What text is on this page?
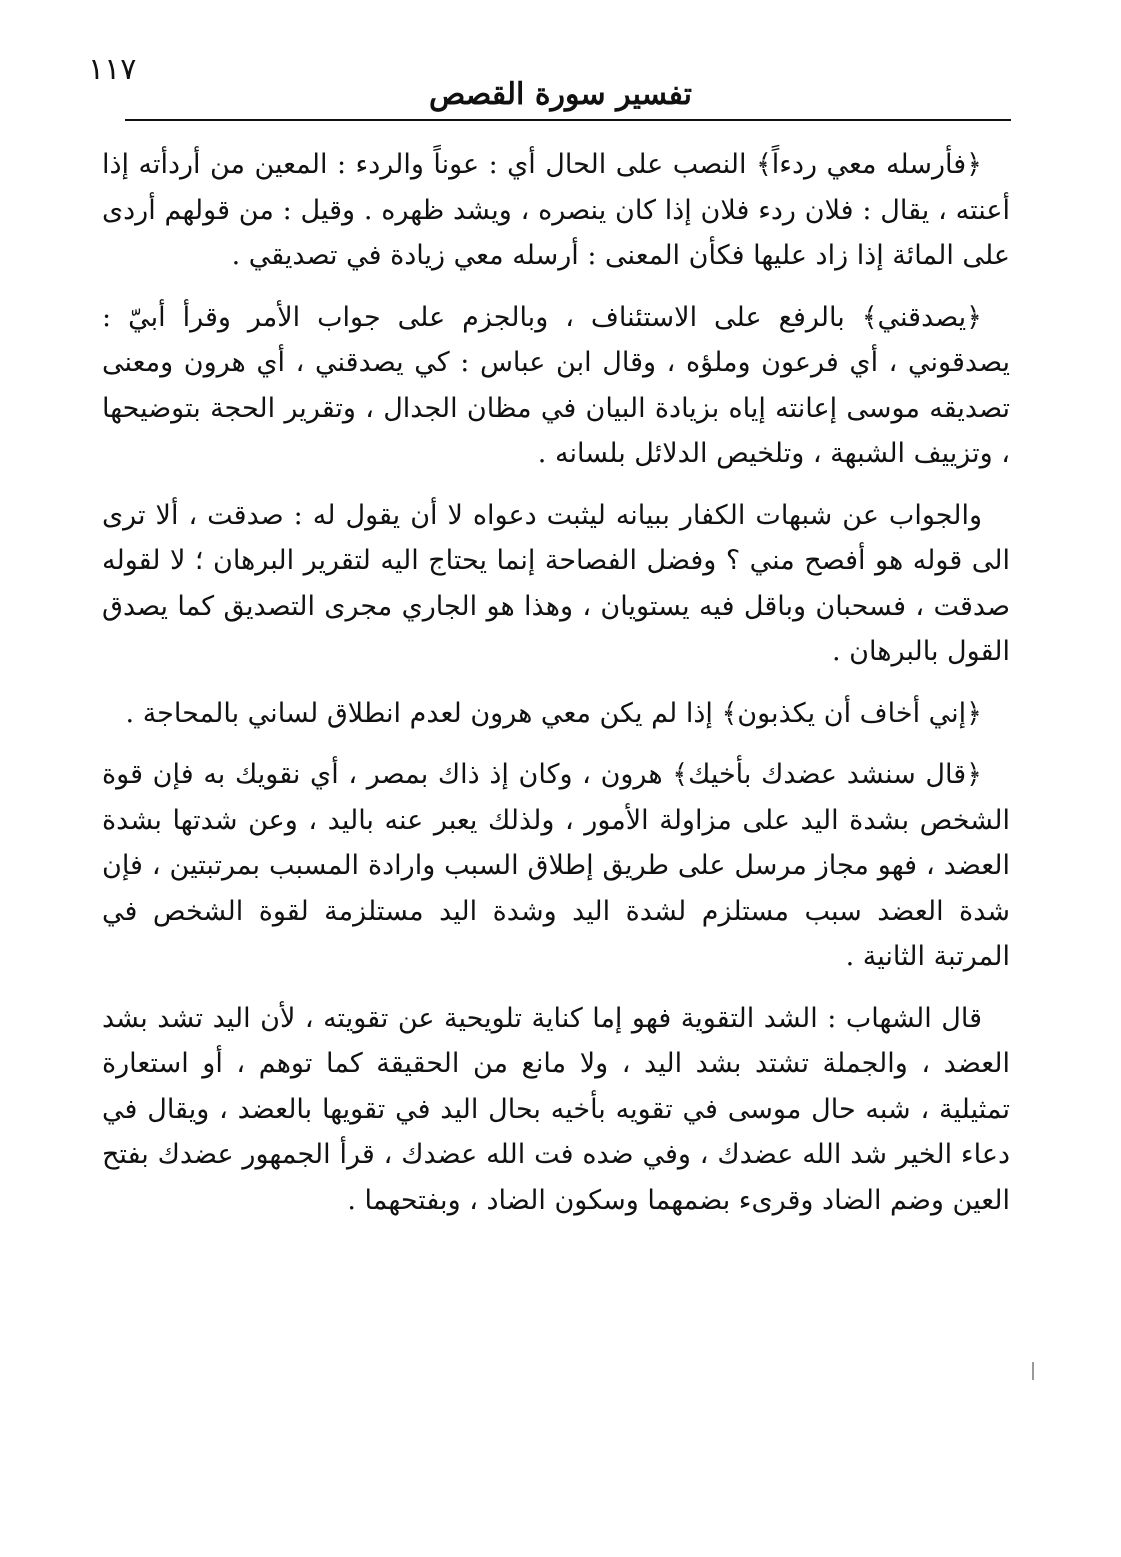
١١٧
تفسير سورة القصص

﴿فأرسله معي ردءاً﴾ النصب على الحال أي : عوناً والردء : المعين من أردأته إذا أعنته ، يقال : فلان ردء فلان إذا كان ينصره ، ويشد ظهره . وقيل : من قولهم أردى على المائة إذا زاد عليها فكأن المعنى : أرسله معي زيادة في تصديقي .

﴿يصدقني﴾ بالرفع على الاستئناف ، وبالجزم على جواب الأمر وقرأ أبيّ : يصدقوني ، أي فرعون وملؤه ، وقال ابن عباس : كي يصدقني ، أي هرون ومعنى تصديقه موسى إعانته إياه بزيادة البيان في مظان الجدال ، وتقرير الحجة بتوضيحها ، وتزييف الشبهة ، وتلخيص الدلائل بلسانه .

والجواب عن شبهات الكفار ببيانه ليثبت دعواه لا أن يقول له : صدقت ، ألا ترى الى قوله هو أفصح مني ؟ وفضل الفصاحة إنما يحتاج اليه لتقرير البرهان ؛ لا لقوله صدقت ، فسحبان وباقل فيه يستويان ، وهذا هو الجاري مجرى التصديق كما يصدق القول بالبرهان .

﴿إني أخاف أن يكذبون﴾ إذا لم يكن معي هرون لعدم انطلاق لساني بالمحاجة .

﴿قال سنشد عضدك بأخيك﴾ هرون ، وكان إذ ذاك بمصر ، أي نقويك به فإن قوة الشخص بشدة اليد على مزاولة الأمور ، ولذلك يعبر عنه باليد ، وعن شدتها بشدة العضد ، فهو مجاز مرسل على طريق إطلاق السبب وارادة المسبب بمرتبتين ، فإن شدة العضد سبب مستلزم لشدة اليد وشدة اليد مستلزمة لقوة الشخص في المرتبة الثانية .

قال الشهاب : الشد التقوية فهو إما كناية تلويحية عن تقويته ، لأن اليد تشد بشد العضد ، والجملة تشتد بشد اليد ، ولا مانع من الحقيقة كما توهم ، أو استعارة تمثيلية ، شبه حال موسى في تقويه بأخيه بحال اليد في تقويها بالعضد ، ويقال في دعاء الخير شد الله عضدك ، وفي ضده فت الله عضدك ، قرأ الجمهور عضدك بفتح العين وضم الضاد وقرىء بضمهما وسكون الضاد ، وبفتحهما .
